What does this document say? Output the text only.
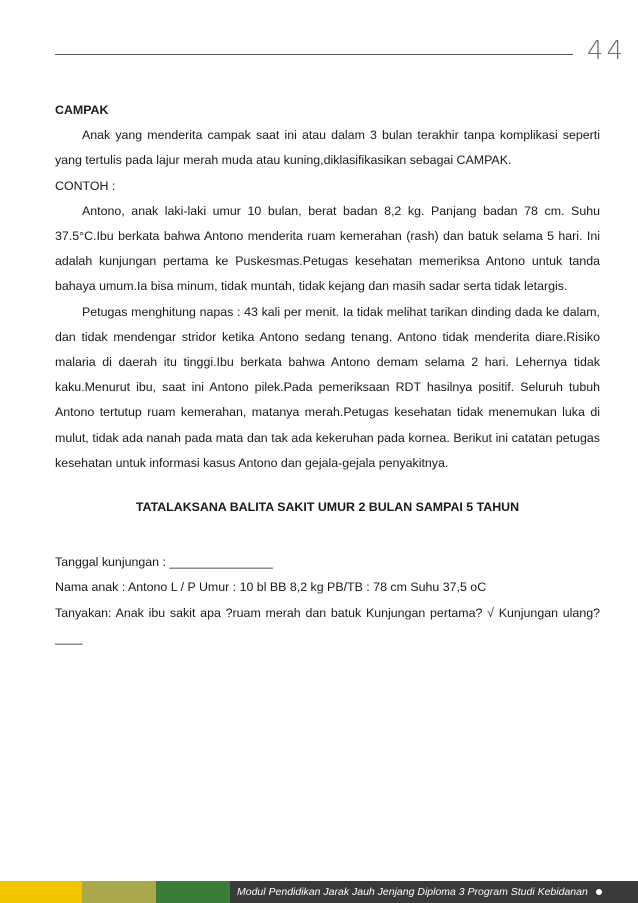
44

CAMPAK

Anak yang menderita campak saat ini atau dalam 3 bulan terakhir tanpa komplikasi seperti yang tertulis pada lajur merah muda atau kuning,diklasifikasikan sebagai CAMPAK.

CONTOH :

Antono, anak laki-laki umur 10 bulan, berat badan 8,2 kg. Panjang badan 78 cm. Suhu 37.5°C.Ibu berkata bahwa Antono menderita ruam kemerahan (rash) dan batuk selama 5 hari. Ini adalah kunjungan pertama ke Puskesmas.Petugas kesehatan memeriksa Antono untuk tanda bahaya umum.Ia bisa minum, tidak muntah, tidak kejang dan masih sadar serta tidak letargis.

Petugas menghitung napas : 43 kali per menit. Ia tidak melihat tarikan dinding dada ke dalam, dan tidak mendengar stridor ketika Antono sedang tenang. Antono tidak menderita diare.Risiko malaria di daerah itu tinggi.Ibu berkata bahwa Antono demam selama 2 hari. Lehernya tidak kaku.Menurut ibu, saat ini Antono pilek.Pada pemeriksaan RDT hasilnya positif. Seluruh tubuh Antono tertutup ruam kemerahan, matanya merah.Petugas kesehatan tidak menemukan luka di mulut, tidak ada nanah pada mata dan tak ada kekeruhan pada kornea. Berikut ini catatan petugas kesehatan untuk informasi kasus Antono dan gejala-gejala penyakitnya.

TATALAKSANA BALITA SAKIT UMUR 2 BULAN SAMPAI 5 TAHUN

Tanggal kunjungan : _______________

Nama anak : Antono L / P Umur : 10 bl BB 8,2 kg PB/TB : 78 cm Suhu 37,5 oC

Tanyakan: Anak ibu sakit apa ?ruam merah dan batuk Kunjungan pertama? √ Kunjungan ulang? ____

Modul Pendidikan Jarak Jauh Jenjang Diploma 3 Program Studi Kebidanan
